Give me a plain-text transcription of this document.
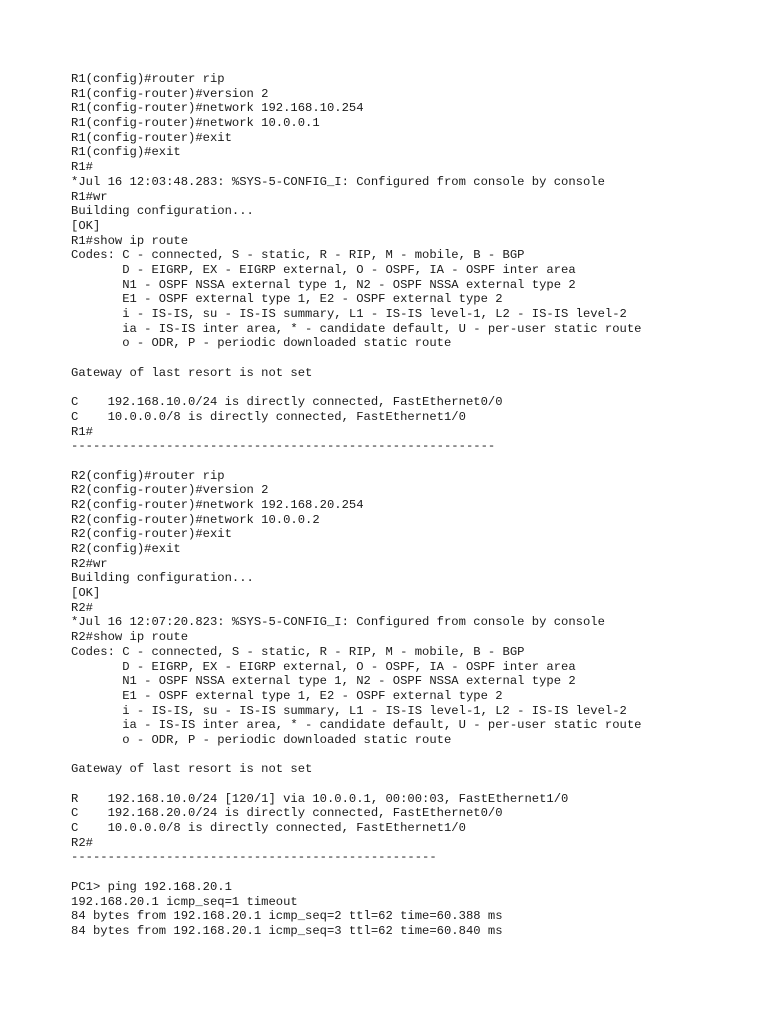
R1(config)#router rip
R1(config-router)#version 2
R1(config-router)#network 192.168.10.254
R1(config-router)#network 10.0.0.1
R1(config-router)#exit
R1(config)#exit
R1#
*Jul 16 12:03:48.283: %SYS-5-CONFIG_I: Configured from console by console
R1#wr
Building configuration...
[OK]
R1#show ip route
Codes: C - connected, S - static, R - RIP, M - mobile, B - BGP
D - EIGRP, EX - EIGRP external, O - OSPF, IA - OSPF inter area
N1 - OSPF NSSA external type 1, N2 - OSPF NSSA external type 2
E1 - OSPF external type 1, E2 - OSPF external type 2
i - IS-IS, su - IS-IS summary, L1 - IS-IS level-1, L2 - IS-IS level-2
ia - IS-IS inter area, * - candidate default, U - per-user static route
o - ODR, P - periodic downloaded static route
Gateway of last resort is not set
C    192.168.10.0/24 is directly connected, FastEthernet0/0
C    10.0.0.0/8 is directly connected, FastEthernet1/0
R1#
----------------------------------------------------------
R2(config)#router rip
R2(config-router)#version 2
R2(config-router)#network 192.168.20.254
R2(config-router)#network 10.0.0.2
R2(config-router)#exit
R2(config)#exit
R2#wr
Building configuration...
[OK]
R2#
*Jul 16 12:07:20.823: %SYS-5-CONFIG_I: Configured from console by console
R2#show ip route
Codes: C - connected, S - static, R - RIP, M - mobile, B - BGP
D - EIGRP, EX - EIGRP external, O - OSPF, IA - OSPF inter area
N1 - OSPF NSSA external type 1, N2 - OSPF NSSA external type 2
E1 - OSPF external type 1, E2 - OSPF external type 2
i - IS-IS, su - IS-IS summary, L1 - IS-IS level-1, L2 - IS-IS level-2
ia - IS-IS inter area, * - candidate default, U - per-user static route
o - ODR, P - periodic downloaded static route
Gateway of last resort is not set
R    192.168.10.0/24 [120/1] via 10.0.0.1, 00:00:03, FastEthernet1/0
C    192.168.20.0/24 is directly connected, FastEthernet0/0
C    10.0.0.0/8 is directly connected, FastEthernet1/0
R2#
--------------------------------------------------
PC1> ping 192.168.20.1
192.168.20.1 icmp_seq=1 timeout
84 bytes from 192.168.20.1 icmp_seq=2 ttl=62 time=60.388 ms
84 bytes from 192.168.20.1 icmp_seq=3 ttl=62 time=60.840 ms
